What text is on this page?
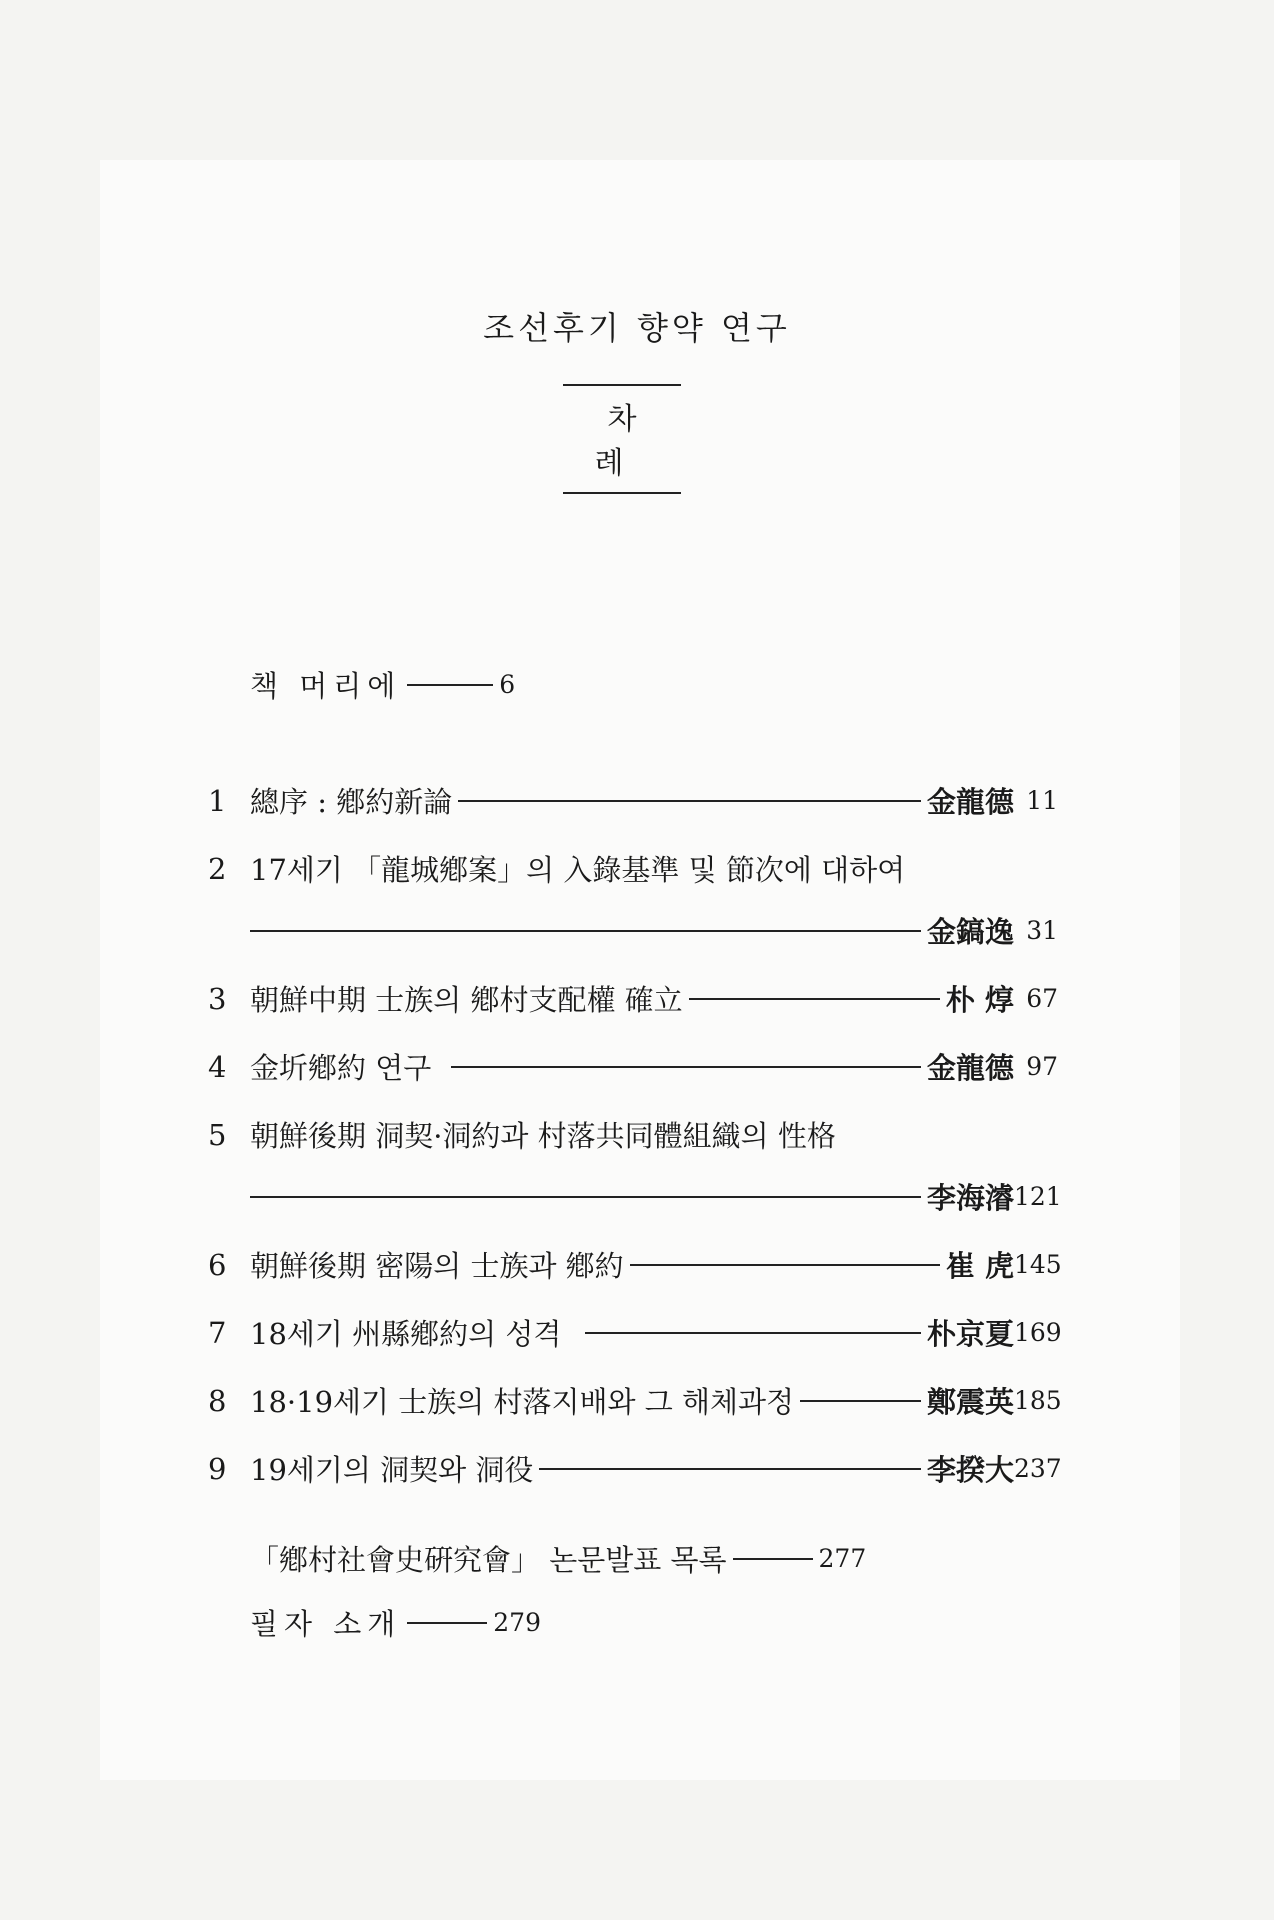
조선후기 향약 연구
차 례
책 머리에	6
1 總序 : 鄕約新論	金龍德 11
2 17세기 「龍城鄕案」의 入錄基準 및 節次에 대하여
金鎬逸 31
3 朝鮮中期 士族의 鄕村支配權 確立	朴 焞 67
4 金圻鄕約 연구	金龍德 97
5 朝鮮後期 洞契·洞約과 村落共同體組織의 性格
李海濬 121
6 朝鮮後期 密陽의 士族과 鄕約	崔 虎 145
7 18세기 州縣鄕約의 성격	朴京夏 169
8 18·19세기 士族의 村落지배와 그 해체과정	鄭震英 185
9 19세기의 洞契와 洞役	李揆大 237
「鄕村社會史硏究會」 논문발표 목록	277
필자 소개	279
